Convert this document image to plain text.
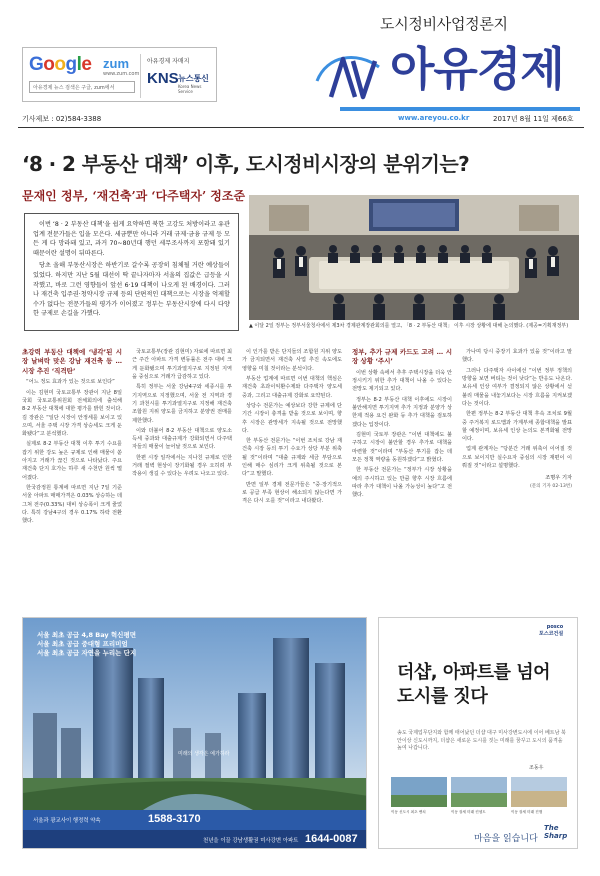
Google zum
www.zum.com
아유경제 뉴스 검색은 구글, zum에서
아유경제 자매지
KNS 뉴스통신
Korea News Service
도시정비사업정론지
아유경제
기사제보 : 02)584-3388	www.areyou.co.kr	2017년 8월 11일 제66호
‘8 · 2 부동산 대책’ 이후, 도시정비시장의 분위기는?
문재인 정부, ‘재건축’과 ‘다주택자’ 정조준

이번 ‘8 · 2 부동산 대책’을 쉽게 요약하면 북한 고강도 처방이라고 유관 업계 전문가들은 입을 모은다. 세금뿐만 아니라 거래 규제·금융 규제 등 모든 게 다 망라돼 있고, 과거 70~80년대 행던 세무조사까지 포함돼 있기 때문이란 설명이 뒤따른다.

당초 올해 부동산시장은 하반기로 갈수록 공장히 침체될 거란 예상들이 있었다. 하지만 지난 5월 대선이 딱 끝나자마자 서울의 집값은 급등을 시작했고, 바로 그런 영향들이 앞선 6·19 대책이 나오게 된 배경이다. 그러나 재건축 입주권·청약시장 규제 등의 단편적인 대책으로는 시장을 억제할 수가 없다는 전문가들의 평가가 이어졌고 정부는 부동산시장에 다시 다양한 규제로 손길을 가했다.

▲ 이달 2일 정부는 정부서울청사에서 제3차 경제관계장관회의를 열고, 「8 · 2 부동산 대책」 이후 시장 상황에 대해 논의했다. (제공=기획재정부)

초강력 부동산 대책에 ‘냉각’된 시장 날벼락 맞은 강남 재건축 등 … 시장 추진 ‘직격탄’

“어느 정도 효과가 있는 것으로 보인다”

이는 김현미 국토교통부 장관이 지난 8일 국회 국토교통위원회 전체회의에 출석해 8·2 부동산 대책에 대한 평가를 밝힌 것이다. 김 장관은 “일단 시장이 안정세를 보이고 있으며, 서울 주택 시장 가격 상승세도 크게 둔화됐다”고 분석했다.

실제로 8·2 부동산 대책 이후 투기 수요를 잡기 위한 강도 높은 규제로 인해 매물이 쏟아지고 거래가 끊긴 것으로 나타났다. 주요 재건축 단지 호가는 하루 새 수천만 원씩 떨어졌다.

한국감정원 통계에 따르면 지난 7일 기준 서울 아파트 매매가격은 0.03% 상승하는 데 그쳐 전주(0.33%) 대비 상승폭이 크게 줄었다. 특히 강남4구의 경우 0.17% 하락 전환했다.

국토교통부(장관 김현미) 자료에 따르면 최근 주간 아파트 가격 변동률은 전주 대비 크게 둔화됐으며 투기과열지구로 지정된 지역을 중심으로 거래가 급감하고 있다.

특히 정부는 서울 강남4구와 세종시를 투기지역으로 지정했으며, 서울 전 지역과 경기 과천시를 투기과열지구로 지정해 재건축 조합원 지위 양도를 금지하고 분양권 전매를 제한했다.

이와 더불어 8·2 부동산 대책으로 양도소득세 중과와 대출규제가 강화되면서 다주택자들의 매물이 늘어날 것으로 보인다.

한편 시장 일각에서는 지나친 규제로 인한 거래 절벽 현상이 장기화될 경우 오히려 부작용이 생길 수 있다는 우려도 나오고 있다.

이 인가를 받은 단지들의 조합원 지위 양도가 금지되면서 재건축 사업 추진 속도에도 영향을 미칠 것이라는 분석이다.

부동산 업계에 따르면 이번 대책의 핵심은 재건축 초과이익환수제와 다주택자 양도세 중과, 그리고 대출규제 강화로 요약된다.

상당수 전문가는 예상보다 강한 규제에 단기간 시장이 충격을 받을 것으로 보이며, 향후 시장은 관망세가 지속될 것으로 전망했다.

한 부동산 전문가는 “이번 조치로 강남 재건축 시장 등의 투기 수요가 상당 부분 위축될 것”이라며 “대출 규제와 세금 부담으로 인해 매수 심리가 크게 위축될 것으로 본다”고 말했다.

반면 일부 경제 전문가들은 “중·장기적으로 공급 부족 현상이 해소되지 않는다면 가격은 다시 오를 것”이라고 내다봤다.

정부, 추가 규제 카드도 고려 … 시장 상황 ‘주시’

이번 상황 속에서 추후 주택시장을 더욱 안정시키기 위한 추가 대책이 나올 수 있다는 전망도 제기되고 있다.

정부는 8·2 부동산 대책 이후에도 시장이 불안해지면 투기지역 추가 지정과 분양가 상한제 적용 요건 완화 등 추가 대책을 검토하겠다는 입장이다.

김현미 국토부 장관은 “이번 대책에도 불구하고 시장이 불안할 경우 추가로 대책을 마련할 것”이라며 “부동산 투기를 잡는 데 모든 정책 역량을 동원하겠다”고 밝혔다.

한 부동산 전문가는 “정부가 시장 상황을 예의 주시하고 있는 만큼 향후 시장 흐름에 따라 추가 대책이 나올 가능성이 높다”고 전했다.

가나며 당시 중장기 효과가 있을 것”이라고 말했다.

그러나 다주택자 사이에선 “이번 정부 정책의 방향을 보면 버티는 것이 낫다”는 반응도 나온다. 보유세 인상 여부가 결정되지 않은 상황에서 섣불리 매물을 내놓기보다는 시장 흐름을 지켜보겠다는 것이다.

한편 정부는 8·2 부동산 대책 후속 조치로 9월 중 주거복지 로드맵과 가계부채 종합대책을 발표할 예정이며, 보유세 인상 논의도 본격화될 전망이다.

업계 관계자는 “당분간 거래 위축이 이어질 것으로 보이지만 실수요자 중심의 시장 재편이 이뤄질 것”이라고 설명했다.

조명우 기자
(문의 기자 02-13번)
서울 최초 공급 4,8 Bay 혁신평면
서울 최초 공급 중대형 프리미엄
서울 최초 공급 자연을 누리는 단지
미래의 생각은 예가하라
서울과 광교사이 행정력 약속	1588-3170
천년을 이끌 강남생활권 미사강변 아파트 1644-0087
posco
포스코건설
더샵, 아파트를 넘어
도시를 짓다
송도 국제업무단지와 함께 태어났던 더샵 대구 미사강변도시에 이어 베트남 북안이상 신도시까지, 더샵은 새로운 도시를 짓는 미래를 꿈꾸고 도시의 품격을 높여 나갑니다.
조동우
이동 신도시 최초 벤치	이동 잘세 미래 컨셉트	이동 잘세 미래 진행
마음을 읽습니다
The Sharp
